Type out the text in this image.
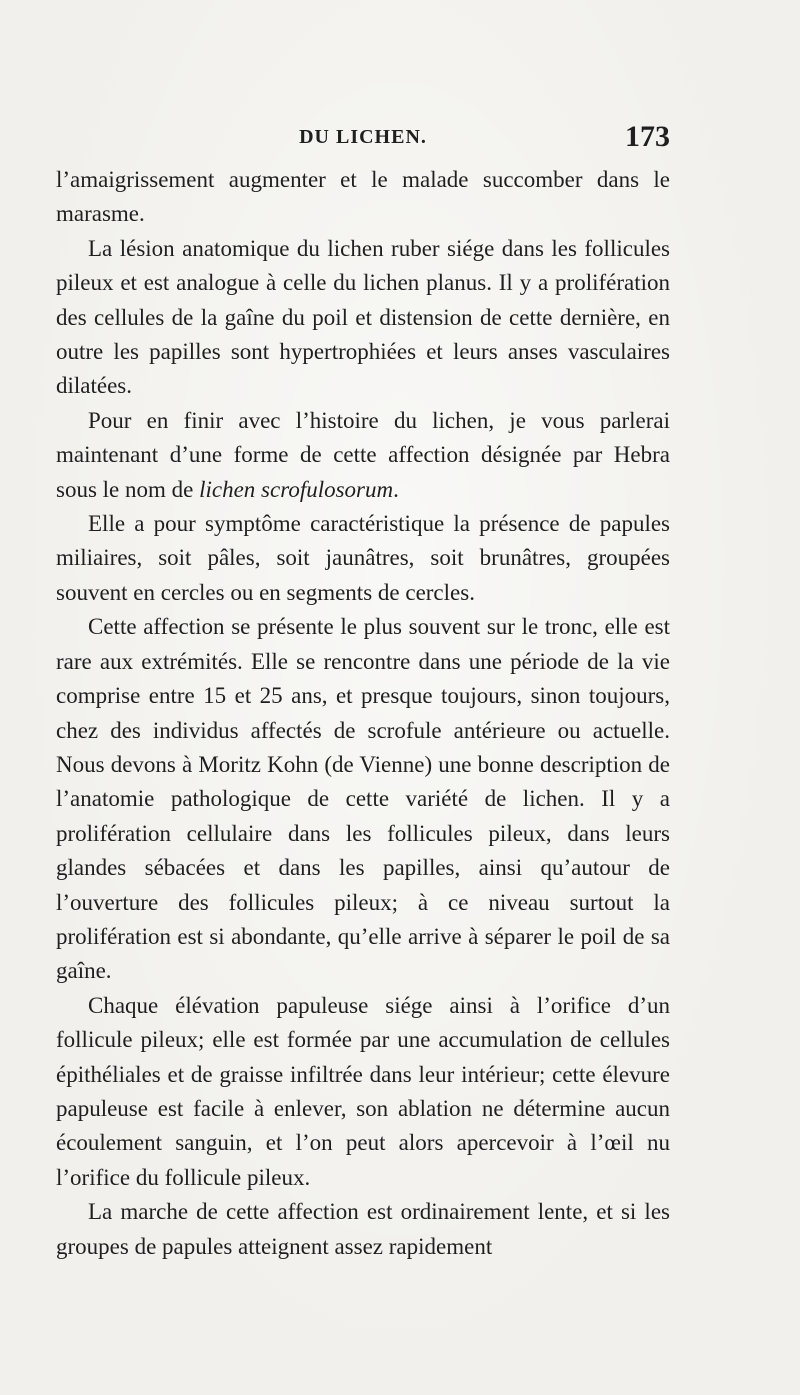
DU LICHEN.	173

l’amaigrissement augmenter et le malade succomber dans le marasme.

La lésion anatomique du lichen ruber siége dans les follicules pileux et est analogue à celle du lichen planus. Il y a prolifération des cellules de la gaîne du poil et distension de cette dernière, en outre les papilles sont hypertrophiées et leurs anses vasculaires dilatées.

Pour en finir avec l’histoire du lichen, je vous parlerai maintenant d’une forme de cette affection désignée par Hebra sous le nom de lichen scrofulosorum.

Elle a pour symptôme caractéristique la présence de papules miliaires, soit pâles, soit jaunâtres, soit brunâtres, groupées souvent en cercles ou en segments de cercles.

Cette affection se présente le plus souvent sur le tronc, elle est rare aux extrémités. Elle se rencontre dans une période de la vie comprise entre 15 et 25 ans, et presque toujours, sinon toujours, chez des individus affectés de scrofule antérieure ou actuelle. Nous devons à Moritz Kohn (de Vienne) une bonne description de l’anatomie pathologique de cette variété de lichen. Il y a prolifération cellulaire dans les follicules pileux, dans leurs glandes sébacées et dans les papilles, ainsi qu’autour de l’ouverture des follicules pileux; à ce niveau surtout la prolifération est si abondante, qu’elle arrive à séparer le poil de sa gaîne.

Chaque élévation papuleuse siége ainsi à l’orifice d’un follicule pileux; elle est formée par une accumulation de cellules épithéliales et de graisse infiltrée dans leur intérieur; cette élevure papuleuse est facile à enlever, son ablation ne détermine aucun écoulement sanguin, et l’on peut alors apercevoir à l’œil nu l’orifice du follicule pileux.

La marche de cette affection est ordinairement lente, et si les groupes de papules atteignent assez rapidement
